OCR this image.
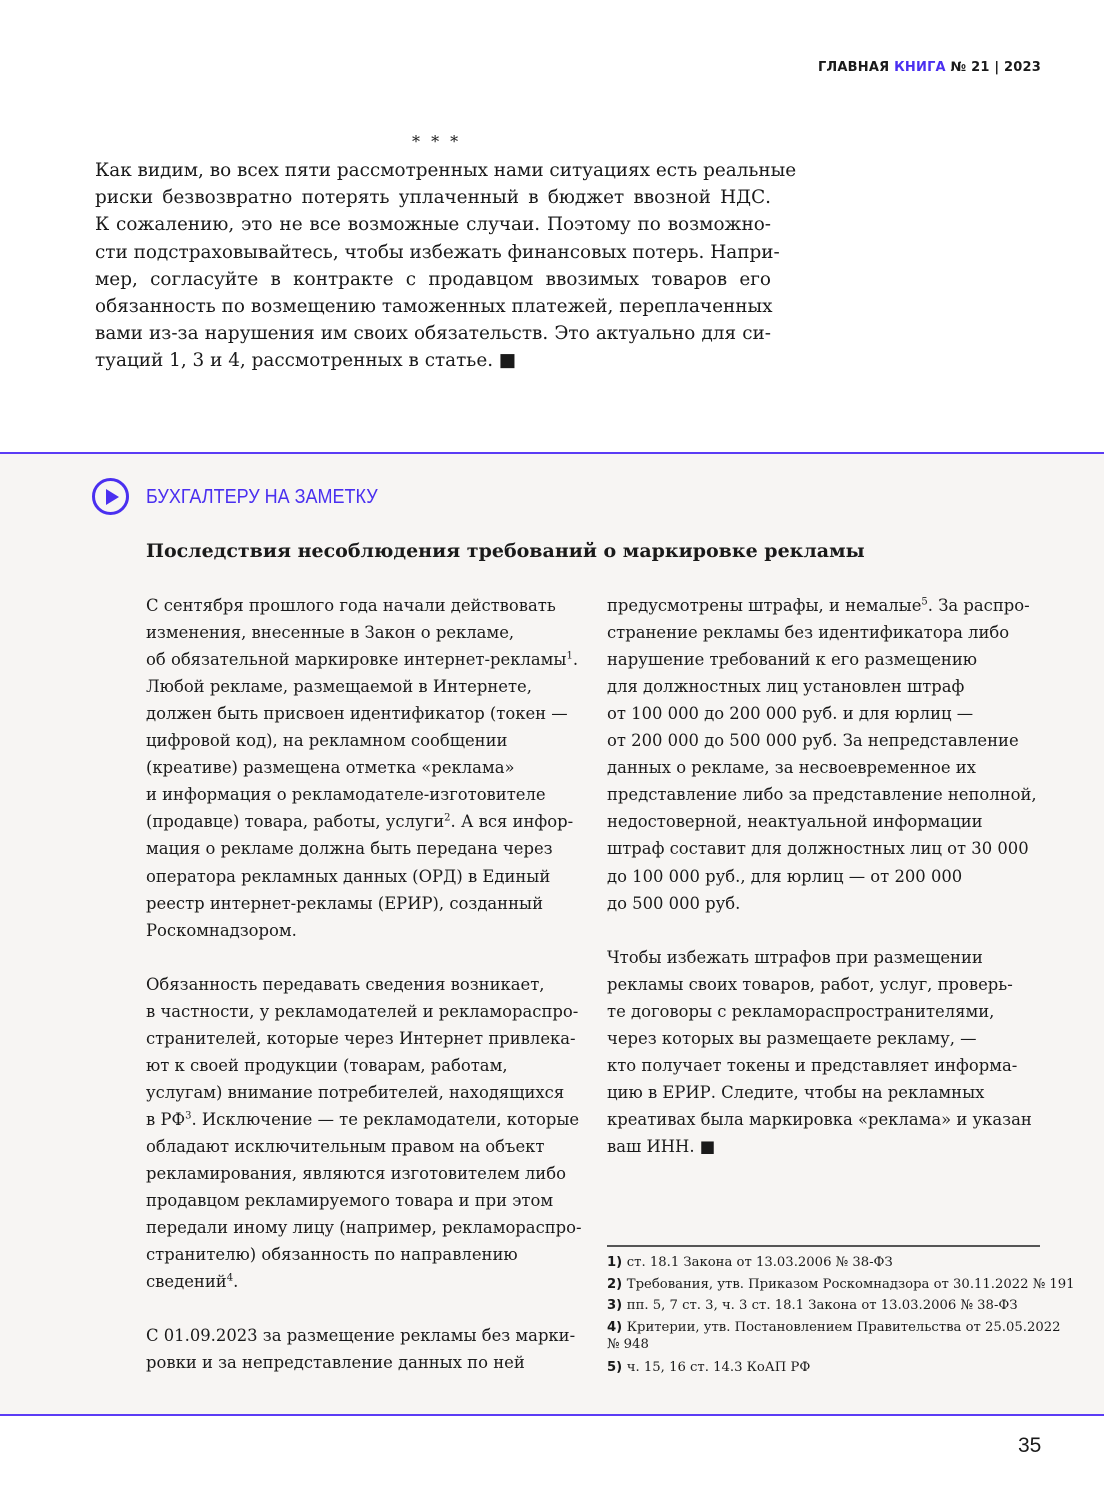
ГЛАВНАЯ КНИГА № 21 | 2023
* * *
Как видим, во всех пяти рассмотренных нами ситуациях есть реальные
риски безвозвратно потерять уплаченный в бюджет ввозной НДС.
К сожалению, это не все возможные случаи. Поэтому по возможно-
сти подстраховывайтесь, чтобы избежать финансовых потерь. Напри-
мер, согласуйте в контракте с продавцом ввозимых товаров его
обязанность по возмещению таможенных платежей, переплаченных
вами из-за нарушения им своих обязательств. Это актуально для си-
туаций 1, 3 и 4, рассмотренных в статье. ■
БУХГАЛТЕРУ НА ЗАМЕТКУ
Последствия несоблюдения требований о маркировке рекламы
С сентября прошлого года начали действовать
изменения, внесенные в Закон о рекламе,
об обязательной маркировке интернет-рекламы$^1$.
Любой рекламе, размещаемой в Интернете,
должен быть присвоен идентификатор (токен —
цифровой код), на рекламном сообщении
(креативе) размещена отметка «реклама»
и информация о рекламодателе-изготовителе
(продавце) товара, работы, услуги$^2$. А вся инфор-
мация о рекламе должна быть передана через
оператора рекламных данных (ОРД) в Единый
реестр интернет-рекламы (ЕРИР), созданный
Роскомнадзором.
Обязанность передавать сведения возникает,
в частности, у рекламодателей и рекламораспро-
странителей, которые через Интернет привлека-
ют к своей продукции (товарам, работам,
услугам) внимание потребителей, находящихся
в $РФ^3$. Исключение — те рекламодатели, которые
обладают исключительным правом на объект
рекламирования, являются изготовителем либо
продавцом рекламируемого товара и при этом
передали иному лицу (например, рекламораспро-
странителю) обязанность по направлению
сведений$^4$.
С 01.09.2023 за размещение рекламы без марки-
ровки и за непредставление данных по ней
предусмотрены штрафы, и немалые$^5$. За распро-
странение рекламы без идентификатора либо
нарушение требований к его размещению
для должностных лиц установлен штраф
от 100 000 до 200 000 руб. и для юрлиц —
от 200 000 до 500 000 руб. За непредставление
данных о рекламе, за несвоевременное их
представление либо за представление неполной,
недостоверной, неактуальной информации
штраф составит для должностных лиц от 30 000
до 100 000 руб., для юрлиц — от 200 000
до 500 000 руб.
Чтобы избежать штрафов при размещении
рекламы своих товаров, работ, услуг, проверь-
те договоры с рекламораспространителями,
через которых вы размещаете рекламу, —
кто получает токены и представляет информа-
цию в ЕРИР. Следите, чтобы на рекламных
креативах была маркировка «реклама» и указан
ваш ИНН. ■
1) ст. 18.1 Закона от 13.03.2006 № 38-ФЗ
2) Требования, утв. Приказом Роскомнадзора от 30.11.2022 № 191
3) пп. 5, 7 ст. 3, ч. 3 ст. 18.1 Закона от 13.03.2006 № 38-ФЗ
4) Критерии, утв. Постановлением Правительства от 25.05.2022
№ 948
5) ч. 15, 16 ст. 14.3 КоАП РФ
35
